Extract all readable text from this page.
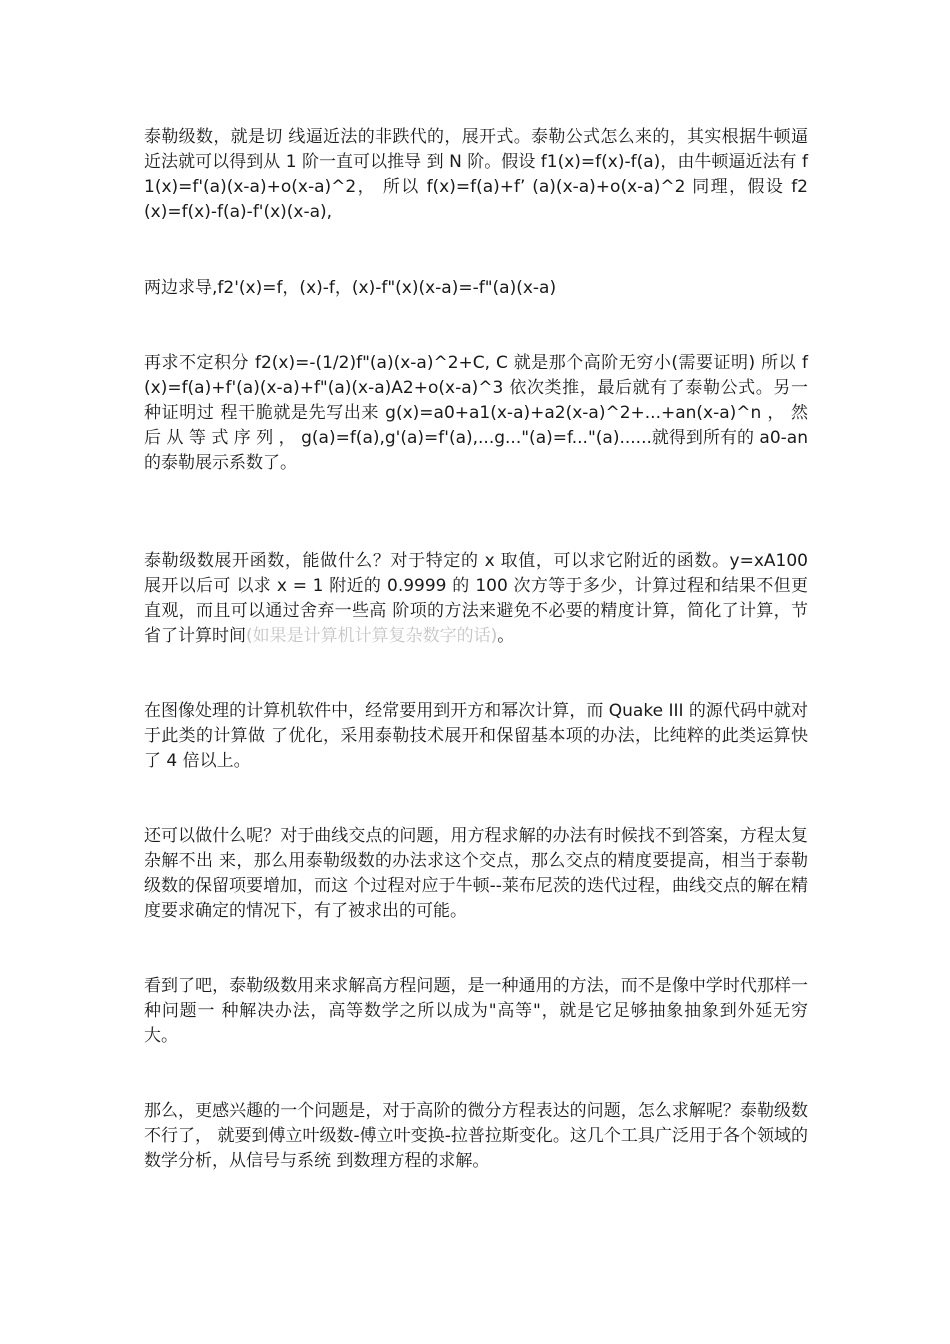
泰勒级数，就是切 线逼近法的非跌代的，展开式。泰勒公式怎么来的，其实根据牛顿逼近法就可以得到从 1 阶一直可以推导 到 N 阶。假设 f1(x)=f(x)-f(a)，由牛顿逼近法有 f1(x)=f'(a)(x-a)+o(x-a)^2， 所以 f(x)=f(a)+f’ (a)(x-a)+o(x-a)^2 同理，假设 f2(x)=f(x)-f(a)-f'(x)(x-a),

两边求导,f2'(x)=f，(x)-f，(x)-f"(x)(x-a)=-f"(a)(x-a)

再求不定积分 f2(x)=-(1/2)f"(a)(x-a)^2+C, C 就是那个高阶无穷小(需要证明) 所以 f(x)=f(a)+f'(a)(x-a)+f"(a)(x-a)A2+o(x-a)^3 依次类推，最后就有了泰勒公式。另一种证明过 程干脆就是先写出来 g(x)=a0+a1(x-a)+a2(x-a)^2+...+an(x-a)^n ， 然 后 从 等 式 序 列 ， g(a)=f(a),g'(a)=f'(a),...g..."(a)=f..."(a)......就得到所有的 a0-an 的泰勒展示系数了。

泰勒级数展开函数，能做什么？对于特定的 x 取值，可以求它附近的函数。y=xA100 展开以后可 以求 x = 1 附近的 0.9999 的 100 次方等于多少，计算过程和结果不但更直观，而且可以通过舍弃一些高 阶项的方法来避免不必要的精度计算，简化了计算，节省了计算时间(如果是计算机计算复杂数字的话)。

在图像处理的计算机软件中，经常要用到开方和幂次计算，而 Quake III 的源代码中就对于此类的计算做 了优化，采用泰勒技术展开和保留基本项的办法，比纯粹的此类运算快了 4 倍以上。

还可以做什么呢？对于曲线交点的问题，用方程求解的办法有时候找不到答案，方程太复杂解不出 来，那么用泰勒级数的办法求这个交点，那么交点的精度要提高，相当于泰勒级数的保留项要增加，而这 个过程对应于牛顿--莱布尼茨的迭代过程，曲线交点的解在精度要求确定的情况下，有了被求出的可能。

看到了吧，泰勒级数用来求解高方程问题，是一种通用的方法，而不是像中学时代那样一种问题一 种解决办法，高等数学之所以成为"高等"，就是它足够抽象抽象到外延无穷大。

那么，更感兴趣的一个问题是，对于高阶的微分方程表达的问题，怎么求解呢？泰勒级数不行了， 就要到傅立叶级数-傅立叶变换-拉普拉斯变化。这几个工具广泛用于各个领域的数学分析，从信号与系统 到数理方程的求解。
